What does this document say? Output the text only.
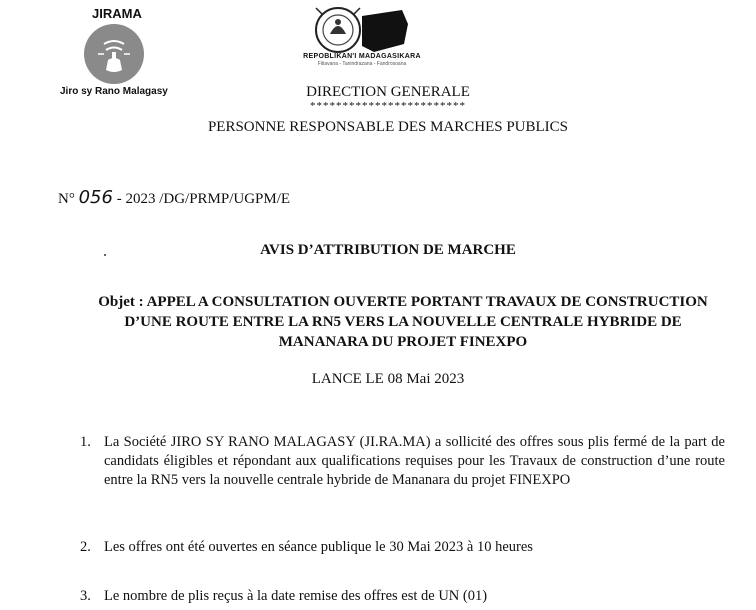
JIRAMA
Jiro sy Rano Malagasy
REPOBLIKAN'I MADAGASIKARA
Fitiavana - Tanindrazana - Fandrosoana
DIRECTION GENERALE
************************
PERSONNE RESPONSABLE DES MARCHES PUBLICS
N° 056 - 2023 /DG/PRMP/UGPM/E
AVIS D’ATTRIBUTION DE MARCHE
Objet : APPEL A CONSULTATION OUVERTE PORTANT TRAVAUX DE CONSTRUCTION D’UNE ROUTE ENTRE LA RN5 VERS LA NOUVELLE CENTRALE HYBRIDE DE MANANARA DU PROJET FINEXPO
LANCE LE 08 Mai 2023
1. La Société JIRO SY RANO MALAGASY (JI.RA.MA) a sollicité des offres sous plis fermé de la part de candidats éligibles et répondant aux qualifications requises pour les Travaux de construction d’une route entre la RN5 vers la nouvelle centrale hybride de Mananara du projet FINEXPO
2. Les offres ont été ouvertes en séance publique le 30 Mai 2023 à 10 heures
3. Le nombre de plis reçus à la date remise des offres est de UN (01)
